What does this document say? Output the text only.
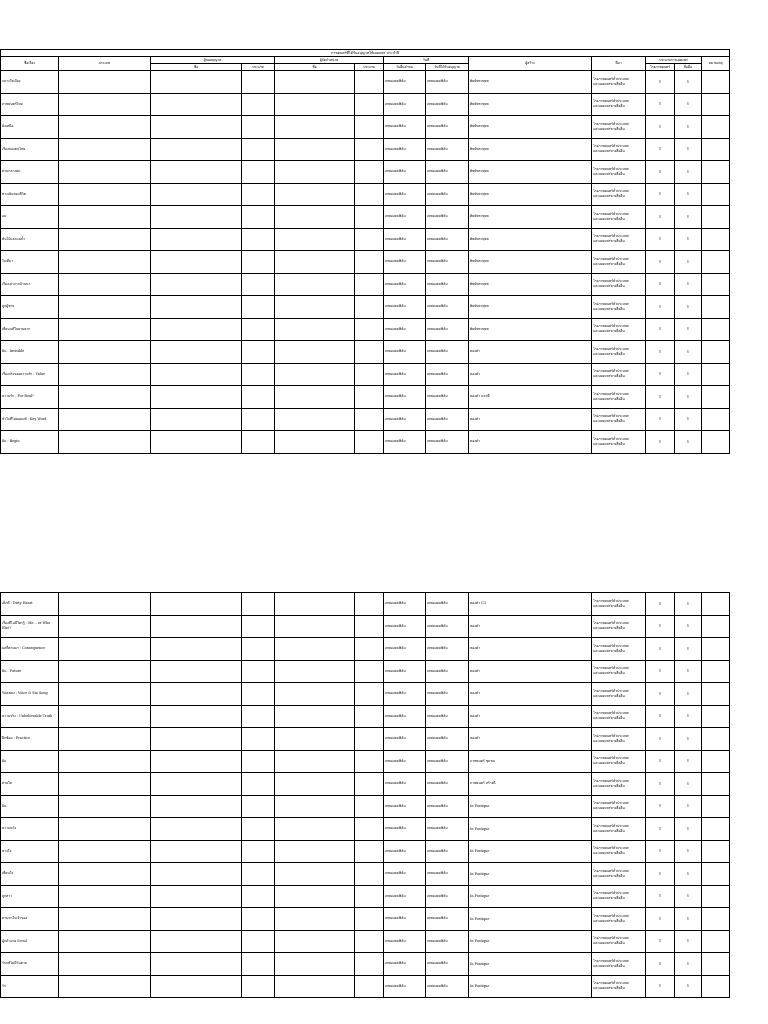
ภาพยนตร์ที่ได้รับอนุญาตให้เผยแพร่ ประจำปี												
ชื่อเรื่อง	ประเภท	ผู้ขออนุญาต		ผู้จัดจำหน่าย		วันที่		ผู้สร้าง	ที่มา	ประเภทการเผยแพร่		หมายเหตุ
		ชื่อ	ประเภท	ชื่อ	ประเภท	วันยื่นคำขอ	วันที่ได้รับอนุญาต			โรงภาพยนตร์	สื่ออื่น	
กลางใจเมือง						เทพมงคลฟิล์ม	เทพมงคลฟิล์ม	ศิษย์พระพุทธ	โรงภาพยนตร์ทั่วประเทศ
และเผยแพร่ทางสื่ออื่น	Y	Y	
ภาพยนตร์ไทย						เทพมงคลฟิล์ม	เทพมงคลฟิล์ม	ศิษย์พระพุทธ	โรงภาพยนตร์ทั่วประเทศ
และเผยแพร่ทางสื่ออื่น	Y	Y	
ฝั่งเหนือ						เทพมงคลฟิล์ม	เทพมงคลฟิล์ม	ศิษย์พระพุทธ	โรงภาพยนตร์ทั่วประเทศ
และเผยแพร่ทางสื่ออื่น	Y	Y	
เรื่องของคนไทย						เทพมงคลฟิล์ม	เทพมงคลฟิล์ม	ศิษย์พระพุทธ	โรงภาพยนตร์ทั่วประเทศ
และเผยแพร่ทางสื่ออื่น	Y	Y	
ท่ามกลางฝน						เทพมงคลฟิล์ม	เทพมงคลฟิล์ม	ศิษย์พระพุทธ	โรงภาพยนตร์ทั่วประเทศ
และเผยแพร่ทางสื่ออื่น	Y	Y	
ทางเดินของชีวิต						เทพมงคลฟิล์ม	เทพมงคลฟิล์ม	ศิษย์พระพุทธ	โรงภาพยนตร์ทั่วประเทศ
และเผยแพร่ทางสื่ออื่น	Y	Y	
แม่						เทพมงคลฟิล์ม	เทพมงคลฟิล์ม	ศิษย์พระพุทธ	โรงภาพยนตร์ทั่วประเทศ
และเผยแพร่ทางสื่ออื่น	Y	Y	
ต้นไม้และแม่น้ำ						เทพมงคลฟิล์ม	เทพมงคลฟิล์ม	ศิษย์พระพุทธ	โรงภาพยนตร์ทั่วประเทศ
และเผยแพร่ทางสื่ออื่น	Y	Y	
ใจเดียว						เทพมงคลฟิล์ม	เทพมงคลฟิล์ม	ศิษย์พระพุทธ	โรงภาพยนตร์ทั่วประเทศ
และเผยแพร่ทางสื่ออื่น	Y	Y	
เรื่องเล่าจากบ้านนา						เทพมงคลฟิล์ม	เทพมงคลฟิล์ม	ศิษย์พระพุทธ	โรงภาพยนตร์ทั่วประเทศ
และเผยแพร่ทางสื่ออื่น	Y	Y	
ลูกผู้ชาย						เทพมงคลฟิล์ม	เทพมงคลฟิล์ม	ศิษย์พระพุทธ	โรงภาพยนตร์ทั่วประเทศ
และเผยแพร่ทางสื่ออื่น	Y	Y	
เพื่อนแท้ในยามยาก						เทพมงคลฟิล์ม	เทพมงคลฟิล์ม	ศิษย์พระพุทธ	โรงภาพยนตร์ทั่วประเทศ
และเผยแพร่ทางสื่ออื่น	Y	Y	
ฝัน : Invisible						เทพมงคลฟิล์ม	เทพมงคลฟิล์ม	ทองคำ	โรงภาพยนตร์ทั่วประเทศ
และเผยแพร่ทางสื่ออื่น	Y	Y	
เรื่องจริงของความรัก : Value						เทพมงคลฟิล์ม	เทพมงคลฟิล์ม	ทองคำ	โรงภาพยนตร์ทั่วประเทศ
และเผยแพร่ทางสื่ออื่น	Y	Y	
ความรัก : For Real?						เทพมงคลฟิล์ม	เทพมงคลฟิล์ม	ทองคำ และพี่	โรงภาพยนตร์ทั่วประเทศ
และเผยแพร่ทางสื่ออื่น	Y	Y	
หัวใจที่ไม่ยอมแพ้ : Key Word						เทพมงคลฟิล์ม	เทพมงคลฟิล์ม	ทองคำ	โรงภาพยนตร์ทั่วประเทศ
และเผยแพร่ทางสื่ออื่น	Y	Y	
ฝัน : Begin						เทพมงคลฟิล์ม	เทพมงคลฟิล์ม	ทองคำ	โรงภาพยนตร์ทั่วประเทศ
และเผยแพร่ทางสื่ออื่น	Y	Y	
เด็กดี : Dirty Heart						เทพมงคลฟิล์ม	เทพมงคลฟิล์ม	ทองคำ (2)	โรงภาพยนตร์ทั่วประเทศ
และเผยแพร่ทางสื่ออื่น	Y	Y	
เรื่องที่ไม่มีใครรู้ : Me... or Who Else?						เทพมงคลฟิล์ม	เทพมงคลฟิล์ม	ทองคำ	โรงภาพยนตร์ทั่วประเทศ
และเผยแพร่ทางสื่ออื่น	Y	Y	
ผลที่ตามมา : Consequence						เทพมงคลฟิล์ม	เทพมงคลฟิล์ม	ทองคำ	โรงภาพยนตร์ทั่วประเทศ
และเผยแพร่ทางสื่ออื่น	Y	Y	
ฝัน : Future						เทพมงคลฟิล์ม	เทพมงคลฟิล์ม	ทองคำ	โรงภาพยนตร์ทั่วประเทศ
และเผยแพร่ทางสื่ออื่น	Y	Y	
ร้องเพลง : Voice & Sin Song						เทพมงคลฟิล์ม	เทพมงคลฟิล์ม	ทองคำ	โรงภาพยนตร์ทั่วประเทศ
และเผยแพร่ทางสื่ออื่น	Y	Y	
ความจริง : Unbelievable Truth						เทพมงคลฟิล์ม	เทพมงคลฟิล์ม	ทองคำ	โรงภาพยนตร์ทั่วประเทศ
และเผยแพร่ทางสื่ออื่น	Y	Y	
ฝึกซ้อม : Practice						เทพมงคลฟิล์ม	เทพมงคลฟิล์ม	ทองคำ	โรงภาพยนตร์ทั่วประเทศ
และเผยแพร่ทางสื่ออื่น	Y	Y	
ฝัน						เทพมงคลฟิล์ม	เทพมงคลฟิล์ม	ภาพยนตร์ ชุมชน	โรงภาพยนตร์ทั่วประเทศ
และเผยแพร่ทางสื่ออื่น	Y	Y	
สายใย						เทพมงคลฟิล์ม	เทพมงคลฟิล์ม	ภาพยนตร์ สร้างดี	โรงภาพยนตร์ทั่วประเทศ
และเผยแพร่ทางสื่ออื่น	Y	Y	
ฝัน						เทพมงคลฟิล์ม	เทพมงคลฟิล์ม	In Postique	โรงภาพยนตร์ทั่วประเทศ
และเผยแพร่ทางสื่ออื่น	Y	Y	
ความหวัง						เทพมงคลฟิล์ม	เทพมงคลฟิล์ม	In Postique	โรงภาพยนตร์ทั่วประเทศ
และเผยแพร่ทางสื่ออื่น	Y	Y	
ทางใจ						เทพมงคลฟิล์ม	เทพมงคลฟิล์ม	In Postique	โรงภาพยนตร์ทั่วประเทศ
และเผยแพร่ทางสื่ออื่น	Y	Y	
เพื่อนใจ						เทพมงคลฟิล์ม	เทพมงคลฟิล์ม	In Postique	โรงภาพยนตร์ทั่วประเทศ
และเผยแพร่ทางสื่ออื่น	Y	Y	
ลูกสาว						เทพมงคลฟิล์ม	เทพมงคลฟิล์ม	In Postique	โรงภาพยนตร์ทั่วประเทศ
และเผยแพร่ทางสื่ออื่น	Y	Y	
ตามหาใจเจ้าของ						เทพมงคลฟิล์ม	เทพมงคลฟิล์ม	In Postique	โรงภาพยนตร์ทั่วประเทศ
และเผยแพร่ทางสื่ออื่น	Y	Y	
ผู้กล้าแห่ง Seoul						เทพมงคลฟิล์ม	เทพมงคลฟิล์ม	In Postique	โรงภาพยนตร์ทั่วประเทศ
และเผยแพร่ทางสื่ออื่น	Y	Y	
รักแท้ไม่มีวันตาย						เทพมงคลฟิล์ม	เทพมงคลฟิล์ม	In Postique	โรงภาพยนตร์ทั่วประเทศ
และเผยแพร่ทางสื่ออื่น	Y	Y	
รัก						เทพมงคลฟิล์ม	เทพมงคลฟิล์ม	In Postique	โรงภาพยนตร์ทั่วประเทศ
และเผยแพร่ทางสื่ออื่น	Y	Y	
